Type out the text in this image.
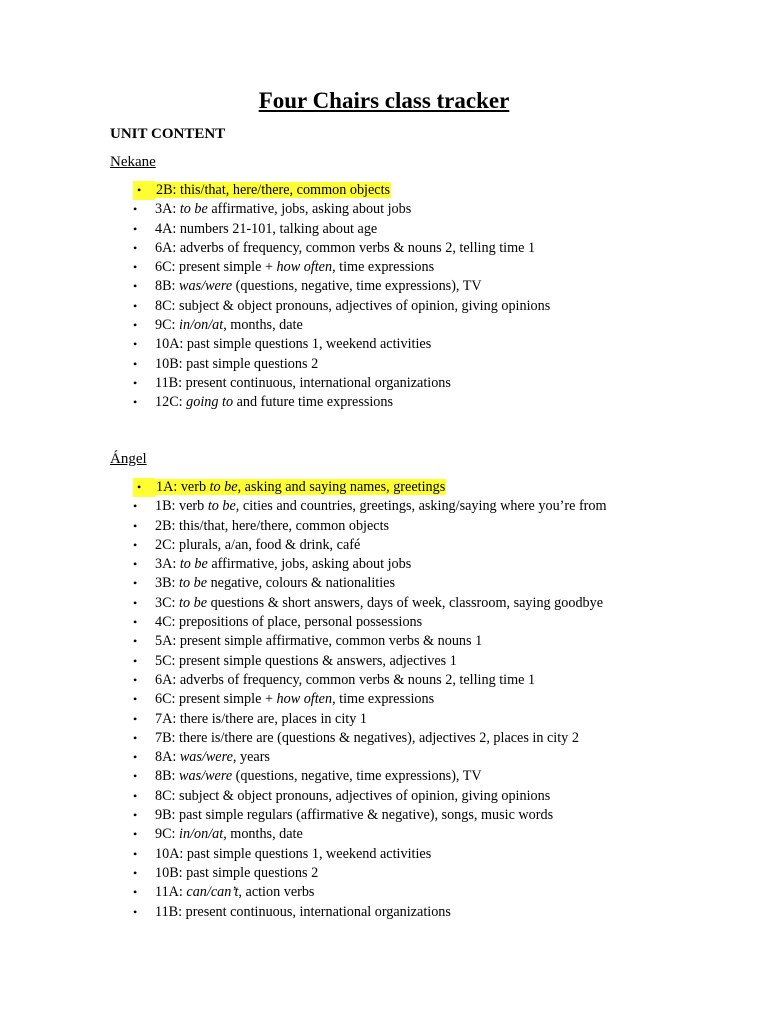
Four Chairs class tracker
UNIT CONTENT
Nekane
•	2B: this/that, here/there, common objects
• 3A: to be affirmative, jobs, asking about jobs
• 4A: numbers 21-101, talking about age
• 6A: adverbs of frequency, common verbs & nouns 2, telling time 1
• 6C: present simple + how often, time expressions
• 8B: was/were (questions, negative, time expressions), TV
• 8C: subject & object pronouns, adjectives of opinion, giving opinions
• 9C: in/on/at, months, date
• 10A: past simple questions 1, weekend activities
• 10B: past simple questions 2
• 11B: present continuous, international organizations
• 12C: going to and future time expressions
Ángel
•	1A: verb to be, asking and saying names, greetings
• 1B: verb to be, cities and countries, greetings, asking/saying where you’re from
• 2B: this/that, here/there, common objects
• 2C: plurals, a/an, food & drink, café
• 3A: to be affirmative, jobs, asking about jobs
• 3B: to be negative, colours & nationalities
• 3C: to be questions & short answers, days of week, classroom, saying goodbye
• 4C: prepositions of place, personal possessions
• 5A: present simple affirmative, common verbs & nouns 1
• 5C: present simple questions & answers, adjectives 1
• 6A: adverbs of frequency, common verbs & nouns 2, telling time 1
• 6C: present simple + how often, time expressions
• 7A: there is/there are, places in city 1
• 7B: there is/there are (questions & negatives), adjectives 2, places in city 2
• 8A: was/were, years
• 8B: was/were (questions, negative, time expressions), TV
• 8C: subject & object pronouns, adjectives of opinion, giving opinions
• 9B: past simple regulars (affirmative & negative), songs, music words
• 9C: in/on/at, months, date
• 10A: past simple questions 1, weekend activities
• 10B: past simple questions 2
• 11A: can/can’t, action verbs
• 11B: present continuous, international organizations
